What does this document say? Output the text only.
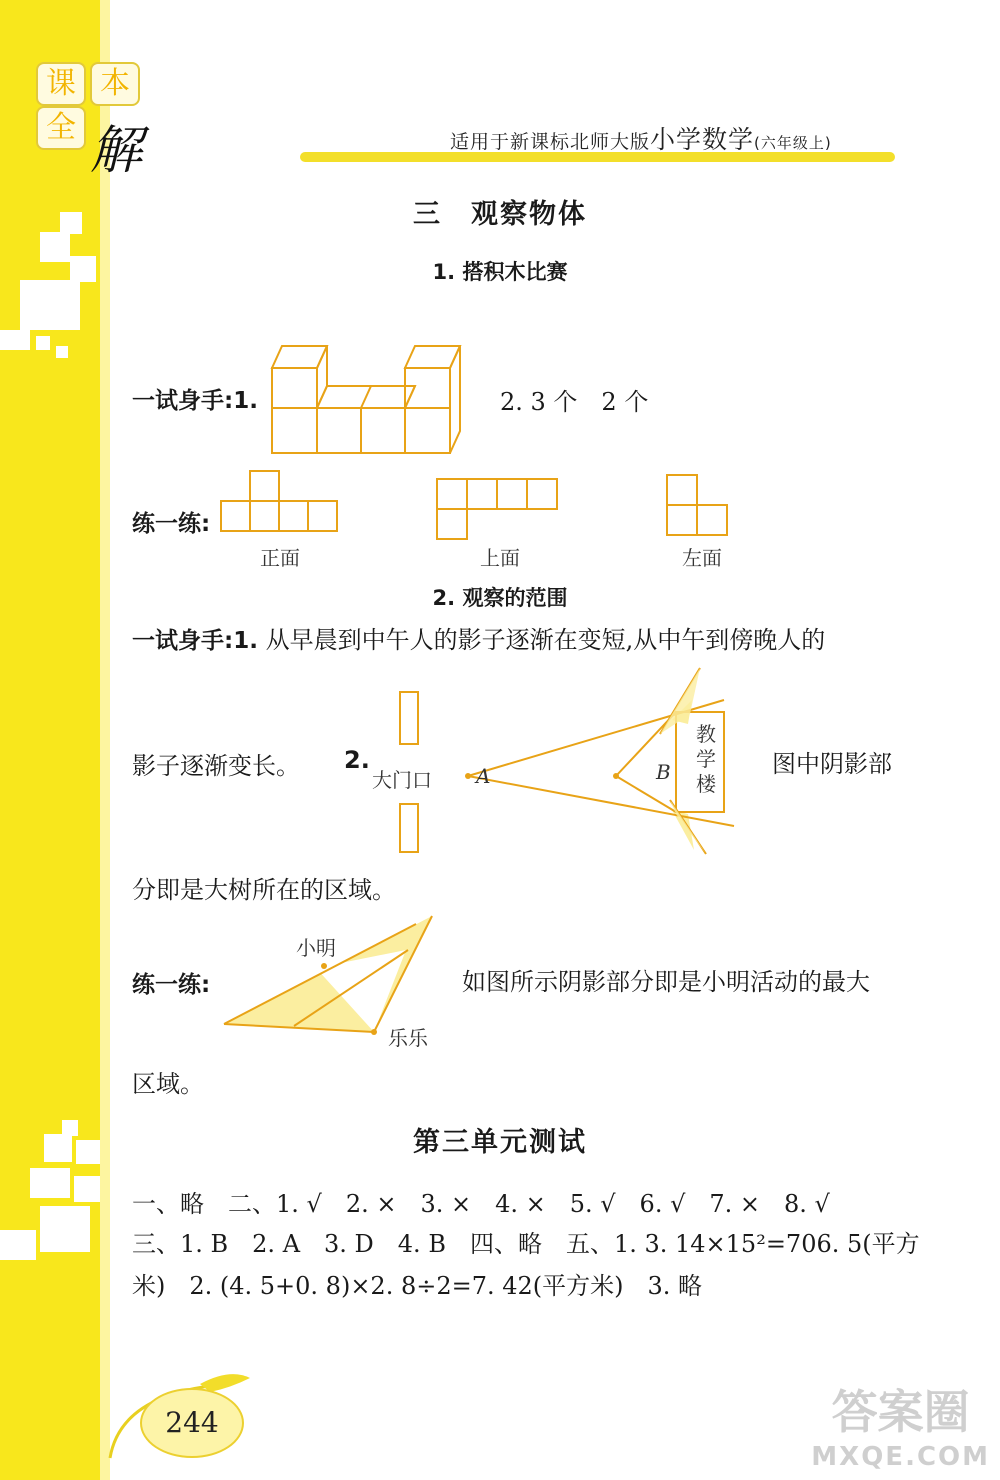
课 本
全 解	适用于新课标北师大版小学数学(六年级上)
三　观察物体
1. 搭积木比赛
一试身手:1.	2. 3 个　2 个
练一练:
正面	上面	左面
2. 观察的范围
一试身手:1. 从早晨到中午人的影子逐渐在变短,从中午到傍晚人的
影子逐渐变长。 2.
大门口 A	B
教
学
楼
图中阴影部
分即是大树所在的区域。
练一练:
小明
乐乐
如图所示阴影部分即是小明活动的最大
区域。
第三单元测试
一、略　二、1. √　2. ×　3. ×　4. ×　5. √　6. √　7. ×　8. √
三、1. B　2. A　3. D　4. B　四、略　五、1. 3. 14×15²=706. 5(平方
米)　2. (4. 5+0. 8)×2. 8÷2=7. 42(平方米)　3. 略
244	答案圈
MXQE.COM
